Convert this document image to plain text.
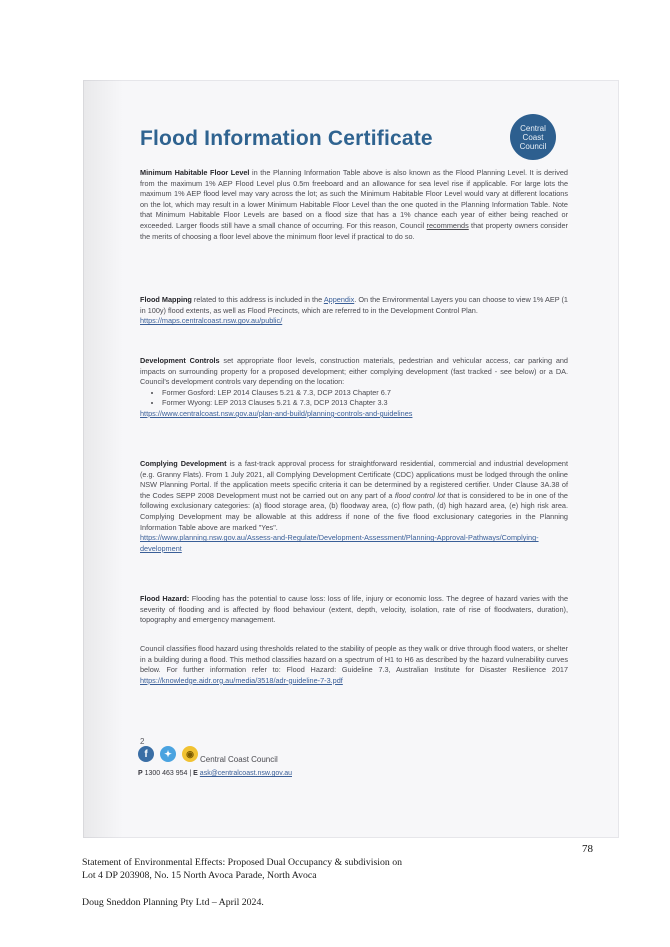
Flood Information Certificate	Central
Coast
Council

Minimum Habitable Floor Level in the Planning Information Table above is also known as the Flood Planning Level. It is derived from the maximum 1% AEP Flood Level plus 0.5m freeboard and an allowance for sea level rise if applicable. For large lots the maximum 1% AEP flood level may vary across the lot; as such the Minimum Habitable Floor Level would vary at different locations on the lot, which may result in a lower Minimum Habitable Floor Level than the one quoted in the Planning Information Table. Note that Minimum Habitable Floor Levels are based on a flood size that has a 1% chance each year of either being reached or exceeded. Larger floods still have a small chance of occurring. For this reason, Council recommends that property owners consider the merits of choosing a floor level above the minimum floor level if practical to do so.

Flood Mapping related to this address is included in the Appendix. On the Environmental Layers you can choose to view 1% AEP (1 in 100y) flood extents, as well as Flood Precincts, which are referred to in the Development Control Plan.

https://maps.centralcoast.nsw.gov.au/public/

Development Controls set appropriate floor levels, construction materials, pedestrian and vehicular access, car parking and impacts on surrounding property for a proposed development; either complying development (fast tracked - see below) or a DA. Council's development controls vary depending on the location:

• Former Gosford: LEP 2014 Clauses 5.21 & 7.3, DCP 2013 Chapter 6.7
• Former Wyong: LEP 2013 Clauses 5.21 & 7.3, DCP 2013 Chapter 3.3

https://www.centralcoast.nsw.gov.au/plan-and-build/planning-controls-and-guidelines

Complying Development is a fast-track approval process for straightforward residential, commercial and industrial development (e.g. Granny Flats). From 1 July 2021, all Complying Development Certificate (CDC) applications must be lodged through the online NSW Planning Portal. If the application meets specific criteria it can be determined by a registered certifier. Under Clause 3A.38 of the Codes SEPP 2008 Development must not be carried out on any part of a flood control lot that is considered to be in one of the following exclusionary categories: (a) flood storage area, (b) floodway area, (c) flow path, (d) high hazard area, (e) high risk area. Complying Development may be allowable at this address if none of the five flood exclusionary categories in the Planning Information Table above are marked "Yes".

https://www.planning.nsw.gov.au/Assess-and-Regulate/Development-Assessment/Planning-Approval-Pathways/Complying-development

Flood Hazard: Flooding has the potential to cause loss: loss of life, injury or economic loss. The degree of hazard varies with the severity of flooding and is affected by flood behaviour (extent, depth, velocity, isolation, rate of rise of floodwaters, duration), topography and emergency management.

Council classifies flood hazard using thresholds related to the stability of people as they walk or drive through flood waters, or shelter in a building during a flood. This method classifies hazard on a spectrum of H1 to H6 as described by the hazard vulnerability curves below. For further information refer to: Flood Hazard: Guideline 7.3, Australian Institute for Disaster Resilience 2017 https://knowledge.aidr.org.au/media/3518/adr-guideline-7-3.pdf

2
f	✦	◉
Central Coast Council
P 1300 463 954 | E ask@centralcoast.nsw.gov.au
78
Statement of Environmental Effects: Proposed Dual Occupancy & subdivision on
Lot 4 DP 203908, No. 15 North Avoca Parade, North Avoca
Doug Sneddon Planning Pty Ltd – April 2024.
